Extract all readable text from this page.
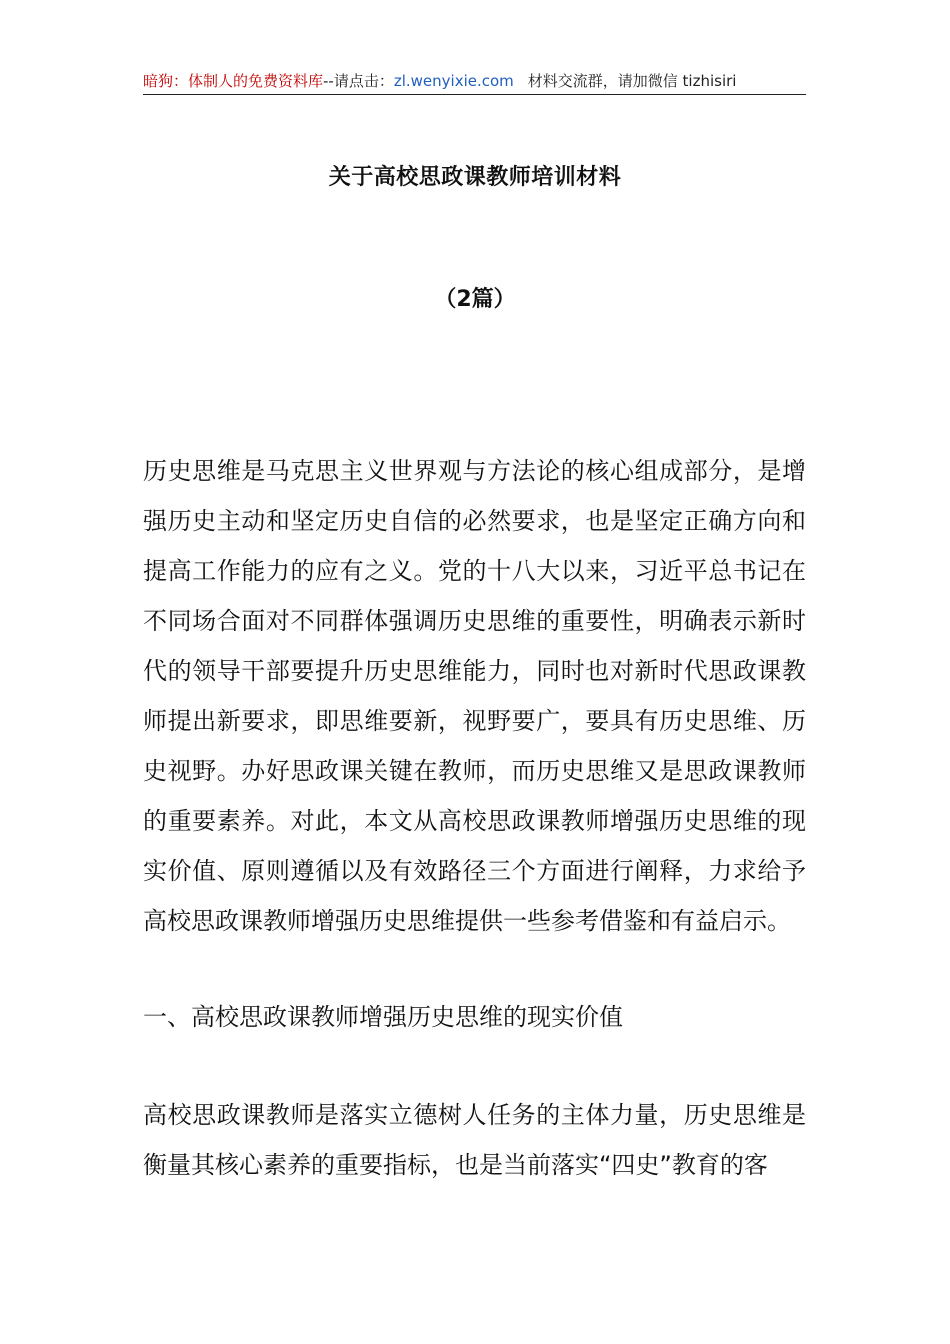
暗狗：体制人的免费资料库--请点击：zl.wenyixie.com 材料交流群，请加微信 tizhisiri
关于高校思政课教师培训材料
（2篇）

历史思维是马克思主义世界观与方法论的核心组成部分，是增强历史主动和坚定历史自信的必然要求，也是坚定正确方向和提高工作能力的应有之义。党的十八大以来，习近平总书记在不同场合面对不同群体强调历史思维的重要性，明确表示新时代的领导干部要提升历史思维能力，同时也对新时代思政课教师提出新要求，即思维要新，视野要广，要具有历史思维、历史视野。办好思政课关键在教师，而历史思维又是思政课教师的重要素养。对此，本文从高校思政课教师增强历史思维的现实价值、原则遵循以及有效路径三个方面进行阐释，力求给予高校思政课教师增强历史思维提供一些参考借鉴和有益启示。

一、高校思政课教师增强历史思维的现实价值

高校思政课教师是落实立德树人任务的主体力量，历史思维是衡量其核心素养的重要指标，也是当前落实“四史”教育的客
